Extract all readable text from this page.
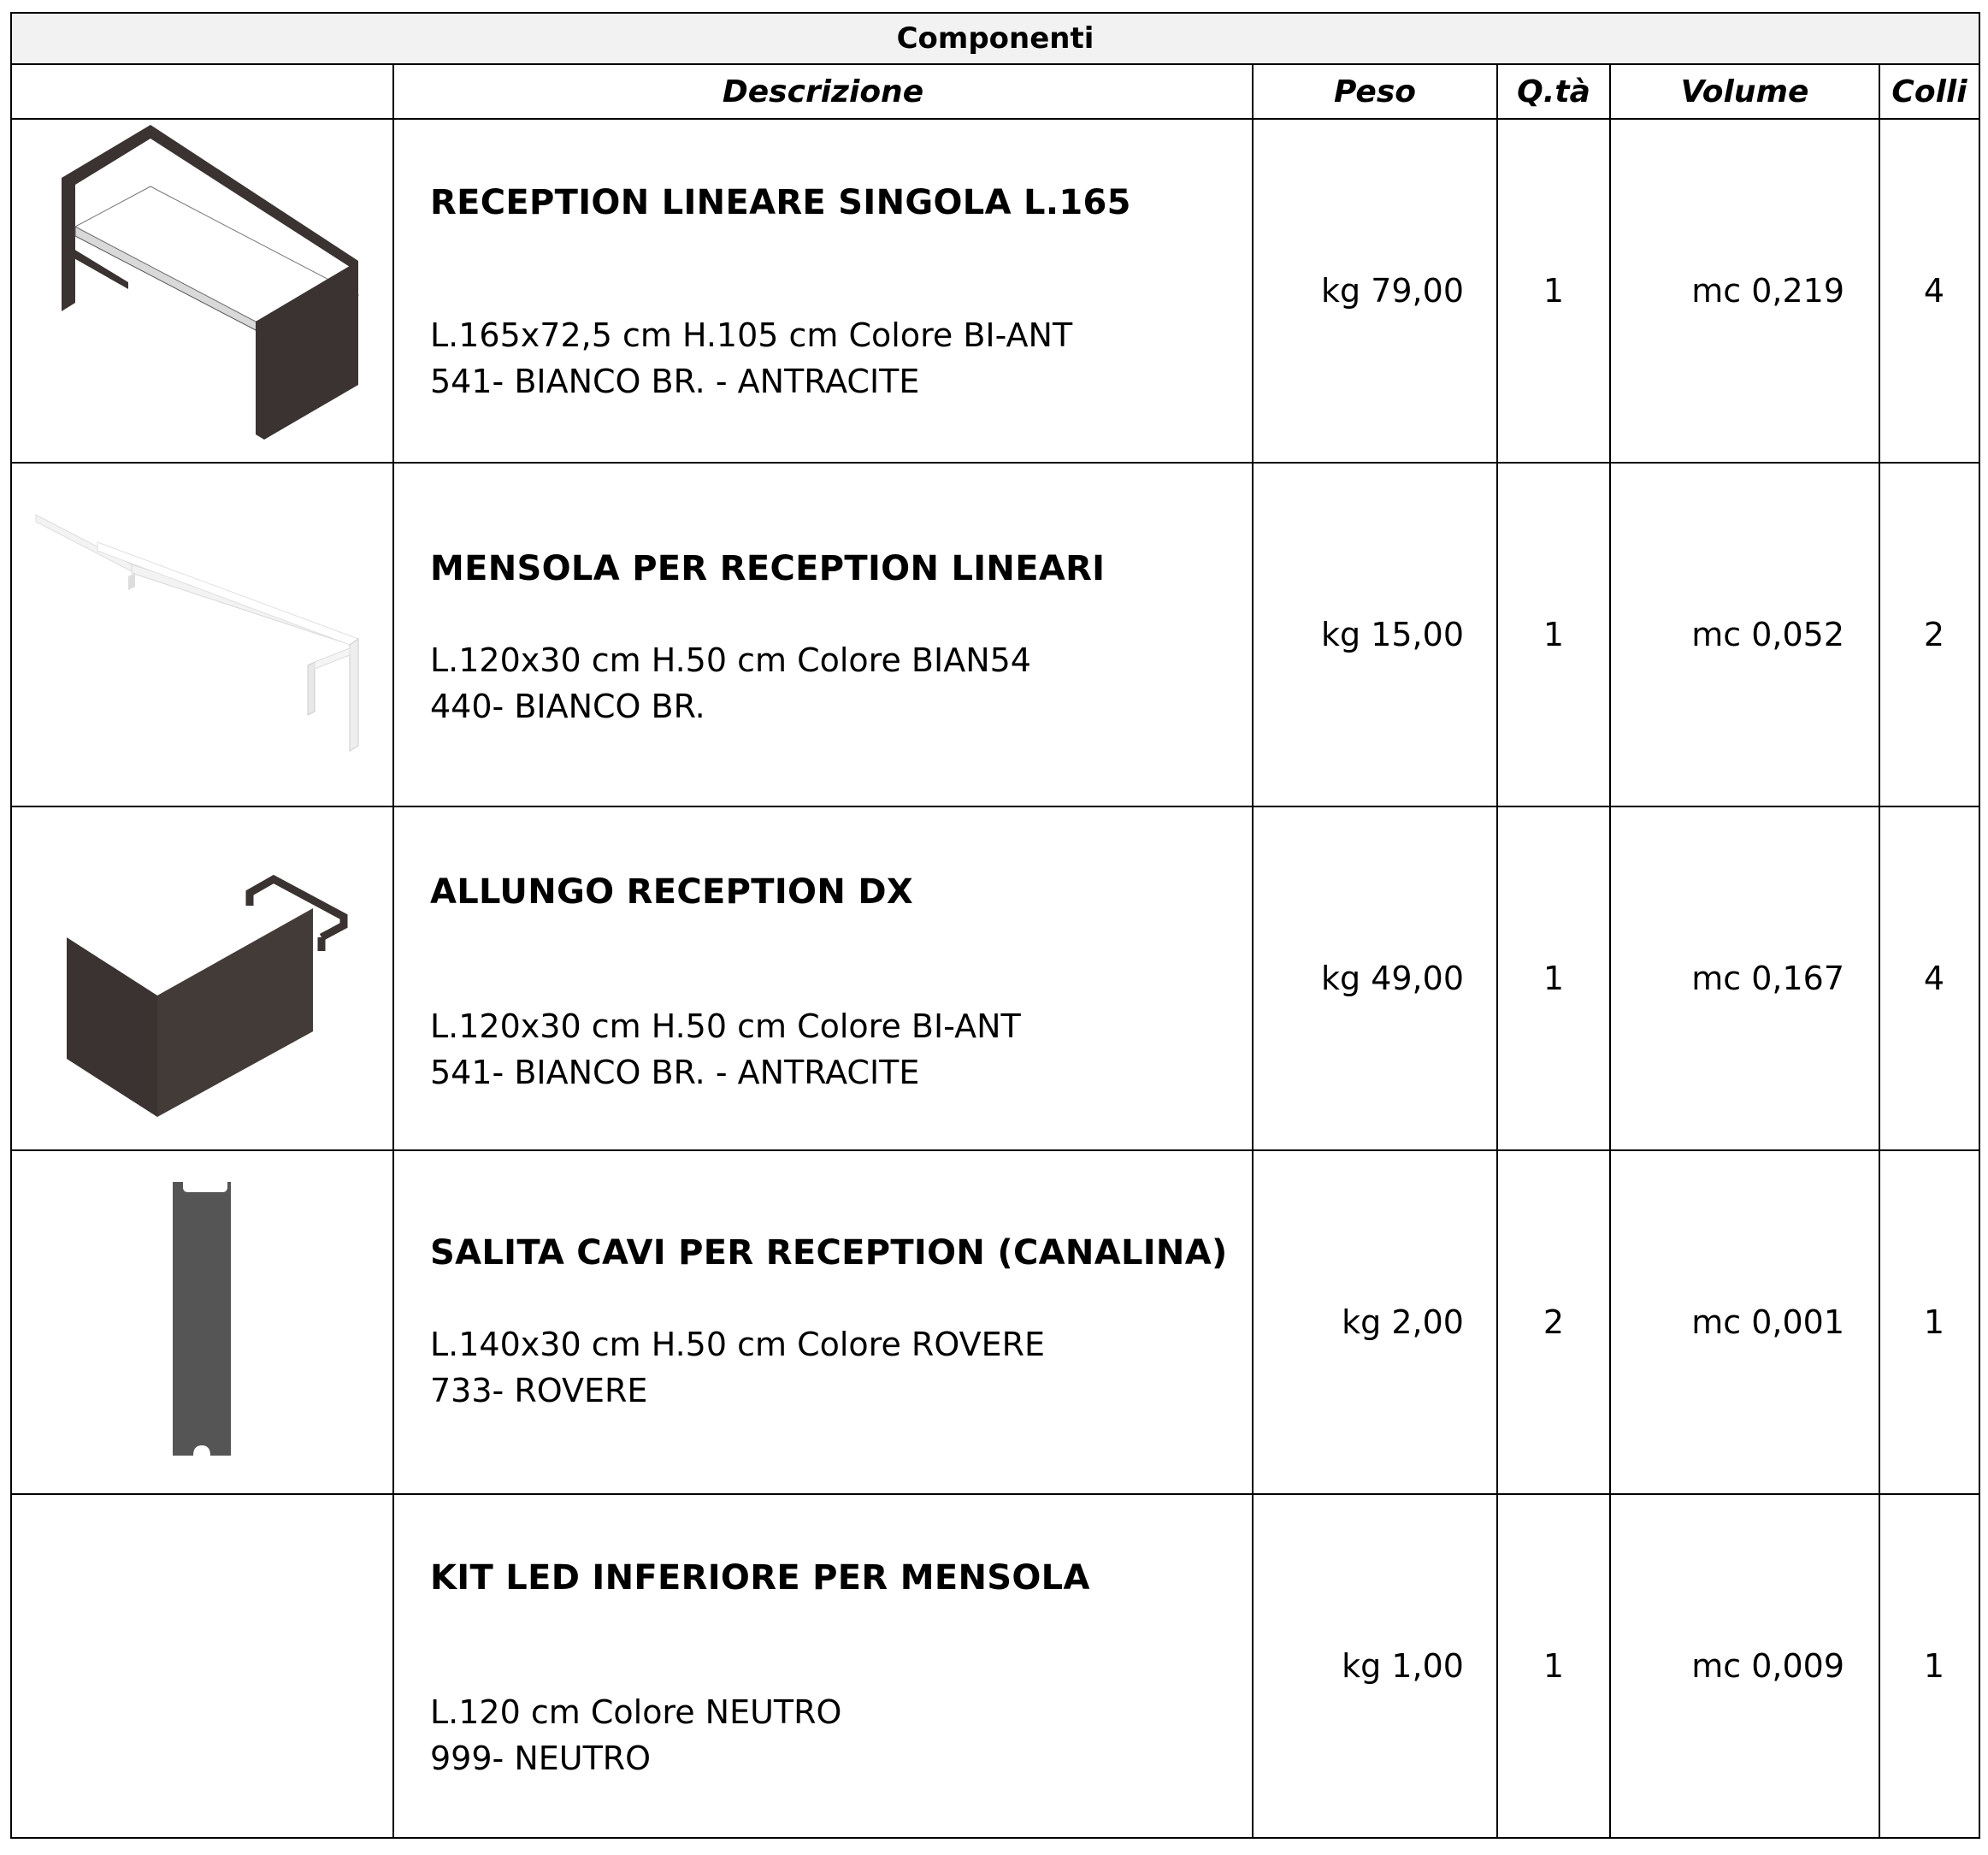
Componenti					
	Descrizione	Peso	Q.tà	Volume	Colli

RECEPTION LINEARE SINGOLA L.165
L.165x72,5 cm H.105 cm Colore BI-ANT
541- BIANCO BR. - ANTRACITE	kg 79,00	1	mc 0,219	4

MENSOLA PER RECEPTION LINEARI
L.120x30 cm H.50 cm Colore BIAN54
440- BIANCO BR.	kg 15,00	1	mc 0,052	2

ALLUNGO RECEPTION DX
L.120x30 cm H.50 cm Colore BI-ANT
541- BIANCO BR. - ANTRACITE	kg 49,00	1	mc 0,167	4

SALITA CAVI PER RECEPTION (CANALINA)
L.140x30 cm H.50 cm Colore ROVERE
733- ROVERE	kg 2,00	2	mc 0,001	1

	KIT LED INFERIORE PER MENSOLA
L.120 cm Colore NEUTRO
999- NEUTRO	kg 1,00	1	mc 0,009	1
